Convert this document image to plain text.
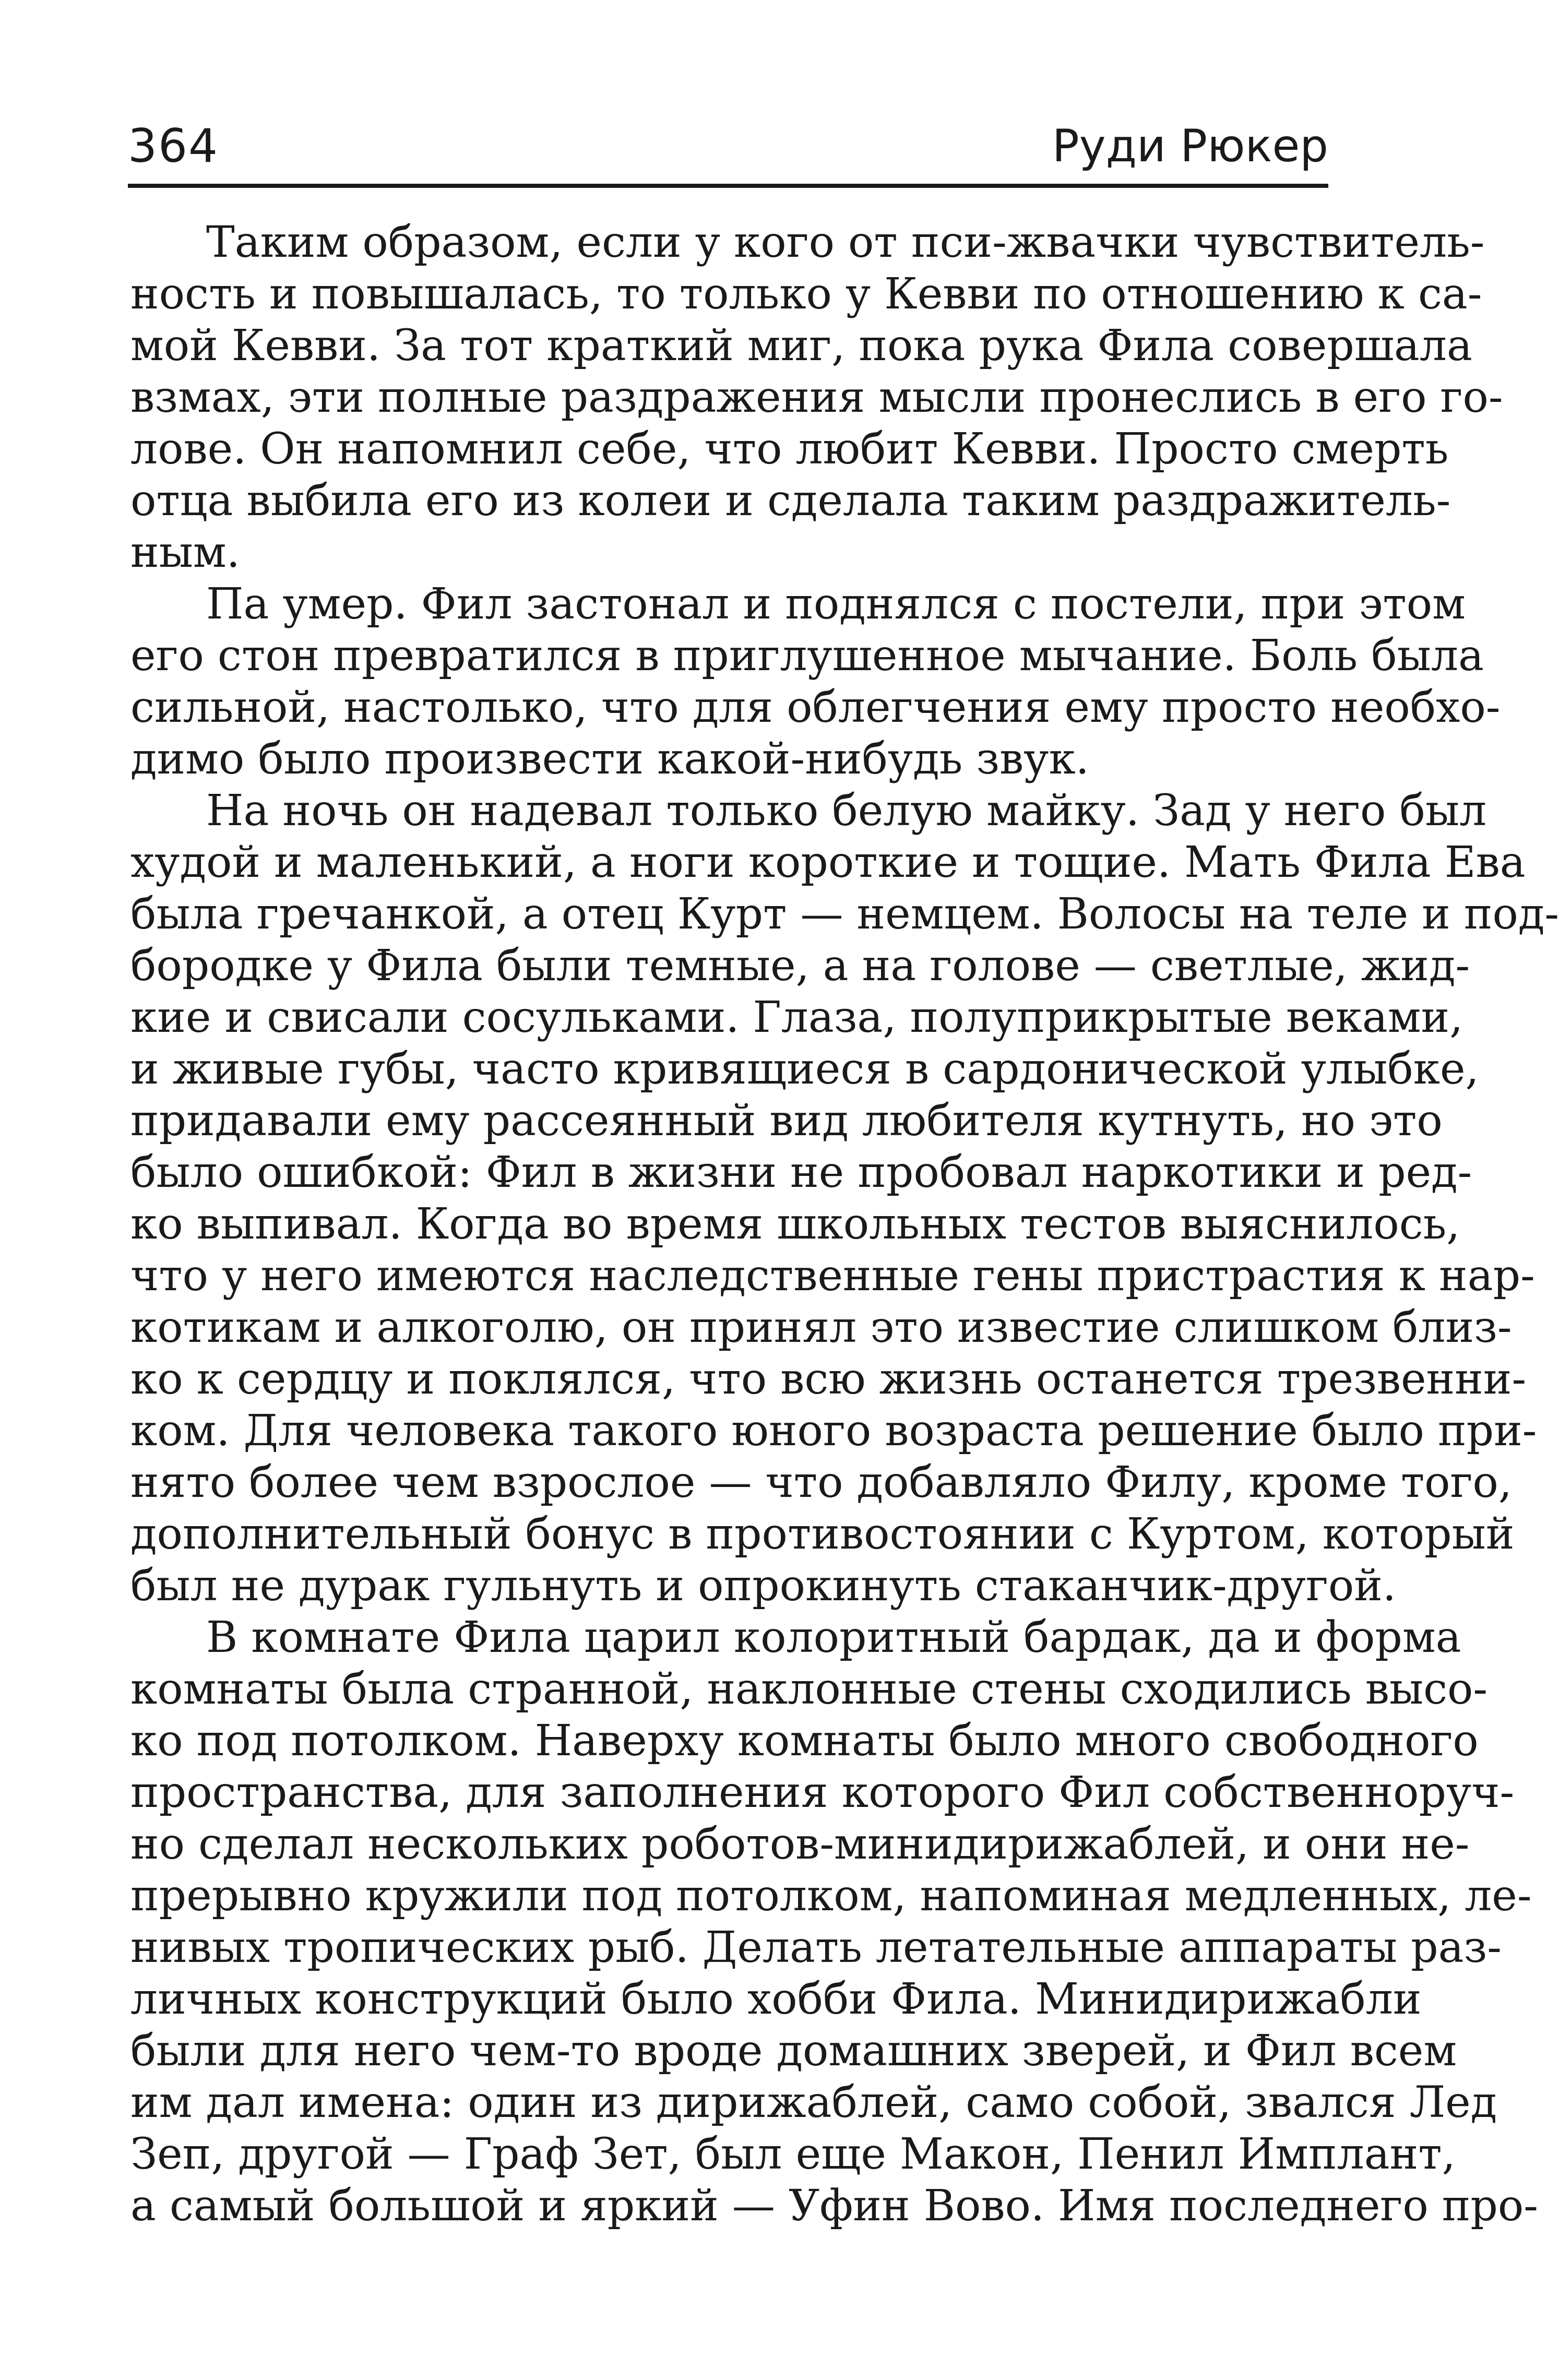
364	Руди Рюкер

Таким образом, если у кого от пси-жвачки чувствитель-
ность и повышалась, то только у Кевви по отношению к са-
мой Кевви. За тот краткий миг, пока рука Фила совершала
взмах, эти полные раздражения мысли пронеслись в его го-
лове. Он напомнил себе, что любит Кевви. Просто смерть
отца выбила его из колеи и сделала таким раздражитель-
ным.

Па умер. Фил застонал и поднялся с постели, при этом
его стон превратился в приглушенное мычание. Боль была
сильной, настолько, что для облегчения ему просто необхо-
димо было произвести какой-нибудь звук.

На ночь он надевал только белую майку. Зад у него был
худой и маленький, а ноги короткие и тощие. Мать Фила Ева
была гречанкой, а отец Курт — немцем. Волосы на теле и под-
бородке у Фила были темные, а на голове — светлые, жид-
кие и свисали сосульками. Глаза, полуприкрытые веками,
и живые губы, часто кривящиеся в сардонической улыбке,
придавали ему рассеянный вид любителя кутнуть, но это
было ошибкой: Фил в жизни не пробовал наркотики и ред-
ко выпивал. Когда во время школьных тестов выяснилось,
что у него имеются наследственные гены пристрастия к нар-
котикам и алкоголю, он принял это известие слишком близ-
ко к сердцу и поклялся, что всю жизнь останется трезвенни-
ком. Для человека такого юного возраста решение было при-
нято более чем взрослое — что добавляло Филу, кроме того,
дополнительный бонус в противостоянии с Куртом, который
был не дурак гульнуть и опрокинуть стаканчик-другой.

В комнате Фила царил колоритный бардак, да и форма
комнаты была странной, наклонные стены сходились высо-
ко под потолком. Наверху комнаты было много свободного
пространства, для заполнения которого Фил собственноруч-
но сделал нескольких роботов-минидирижаблей, и они не-
прерывно кружили под потолком, напоминая медленных, ле-
нивых тропических рыб. Делать летательные аппараты раз-
личных конструкций было хобби Фила. Минидирижабли
были для него чем-то вроде домашних зверей, и Фил всем
им дал имена: один из дирижаблей, само собой, звался Лед
Зеп, другой — Граф Зет, был еще Макон, Пенил Имплант,
а самый большой и яркий — Уфин Вово. Имя последнего про-
